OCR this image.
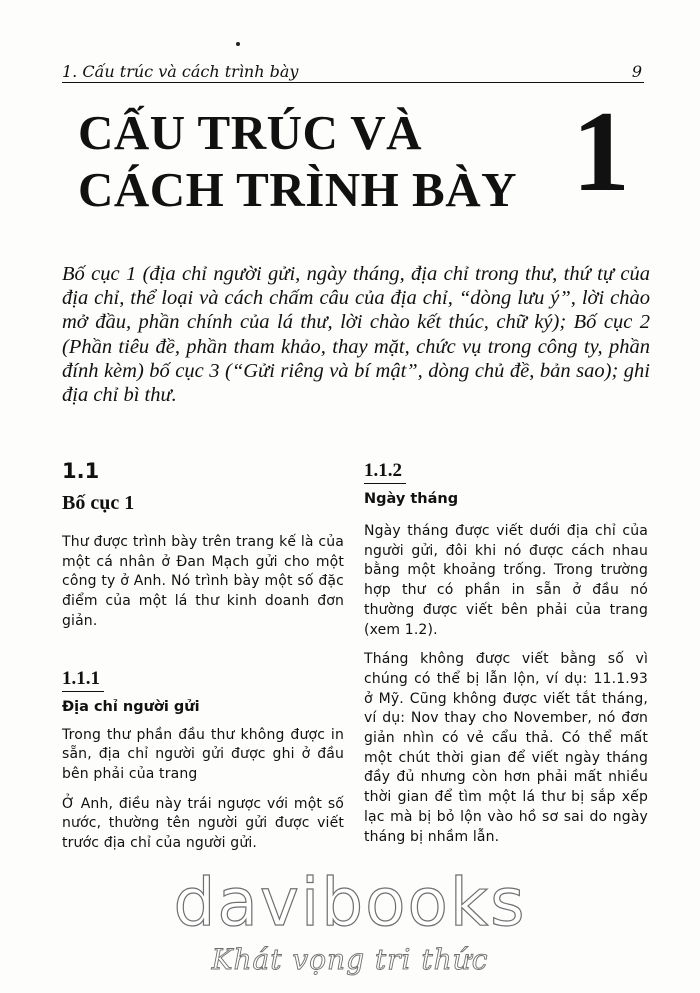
1. Cấu trúc và cách trình bày	9
CẤU TRÚC VÀ
CÁCH TRÌNH BÀY 1

Bố cục 1 (địa chỉ người gửi, ngày tháng, địa chỉ trong thư, thứ tự của địa chỉ, thể loại và cách chấm câu của địa chỉ, “dòng lưu ý”, lời chào mở đầu, phần chính của lá thư, lời chào kết thúc, chữ ký); Bố cục 2 (Phần tiêu đề, phần tham khảo, thay mặt, chức vụ trong công ty, phần đính kèm) bố cục 3 (“Gửi riêng và bí mật”, dòng chủ đề, bản sao); ghi địa chỉ bì thư.

1.1
Bố cục 1

Thư được trình bày trên trang kế là của một cá nhân ở Đan Mạch gửi cho một công ty ở Anh. Nó trình bày một số đặc điểm của một lá thư kinh doanh đơn giản.

1.1.1
Địa chỉ người gửi

Trong thư phần đầu thư không được in sẵn, địa chỉ người gửi được ghi ở đầu bên phải của trang

Ở Anh, điều này trái ngược với một số nước, thường tên người gửi được viết trước địa chỉ của người gửi.

1.1.2
Ngày tháng

Ngày tháng được viết dưới địa chỉ của người gửi, đôi khi nó được cách nhau bằng một khoảng trống. Trong trường hợp thư có phần in sẵn ở đầu nó thường được viết bên phải của trang (xem 1.2).

Tháng không được viết bằng số vì chúng có thể bị lẫn lộn, ví dụ: 11.1.93 ở Mỹ. Cũng không được viết tắt tháng, ví dụ: Nov thay cho November, nó đơn giản nhìn có vẻ cẩu thả. Có thể mất một chút thời gian để viết ngày tháng đầy đủ nhưng còn hơn phải mất nhiều thời gian để tìm một lá thư bị sắp xếp lạc mà bị bỏ lộn vào hồ sơ sai do ngày tháng bị nhầm lẫn.

davibooks
Khát vọng tri thức
